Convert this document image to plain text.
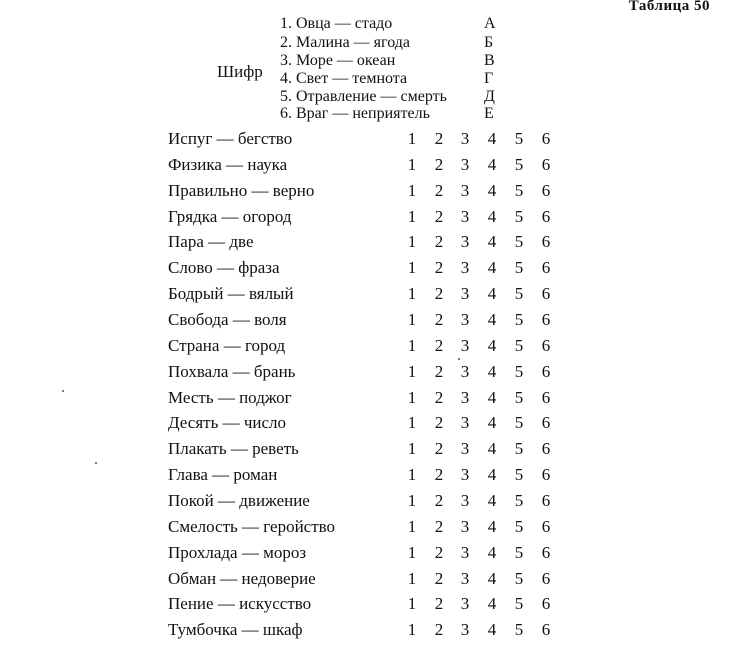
Таблица 50
Шифр
1. Овца — стадо	А
2. Малина — ягода	Б
3. Море — океан	В
4. Свет — темнота	Г
5. Отравление — смерть Д
6. Враг — неприятель	Е
Испуг — бегство	1 2 3 4 5 6
Физика — наука	1 2 3 4 5 6
Правильно — верно	1 2 3 4 5 6
Грядка — огород	1 2 3 4 5 6
Пара — две	1 2 3 4 5 6
Слово — фраза	1 2 3 4 5 6
Бодрый — вялый	1 2 3 4 5 6
Свобода — воля	1 2 3 4 5 6
Страна — город	1 2 3 4 5 6
Похвала — брань	1 2 3 4 5 6
Месть — поджог	1 2 3 4 5 6
Десять — число	1 2 3 4 5 6
Плакать — реветь	1 2 3 4 5 6
Глава — роман	1 2 3 4 5 6
Покой — движение	1 2 3 4 5 6
Смелость — геройство	1 2 3 4 5 6
Прохлада — мороз	1 2 3 4 5 6
Обман — недоверие	1 2 3 4 5 6
Пение — искусство	1 2 3 4 5 6
Тумбочка — шкаф	1 2 3 4 5 6
